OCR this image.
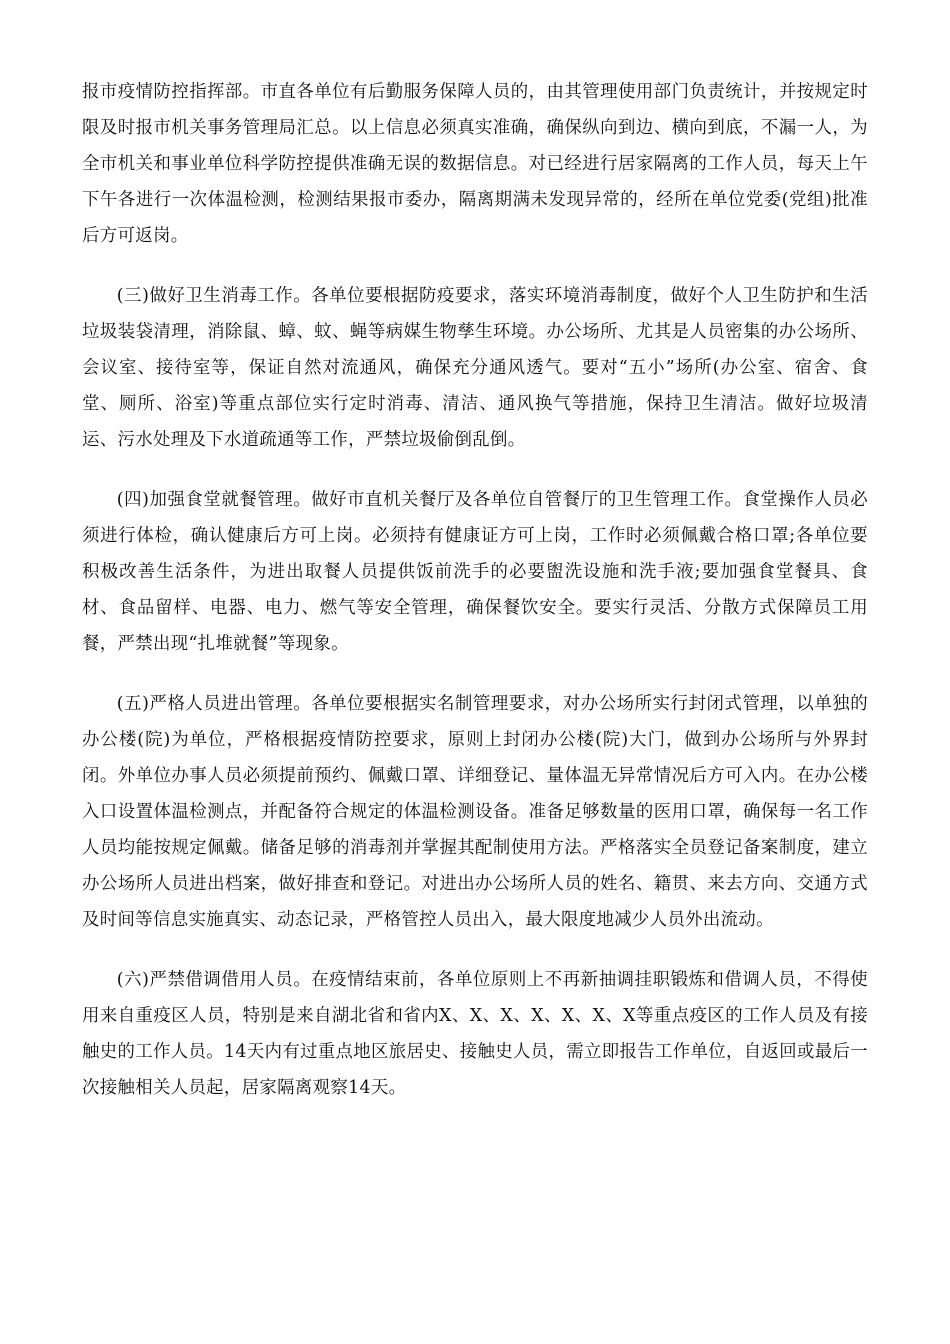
报市疫情防控指挥部。市直各单位有后勤服务保障人员的，由其管理使用部门负责统计，并按规定时限及时报市机关事务管理局汇总。以上信息必须真实准确，确保纵向到边、横向到底，不漏一人，为全市机关和事业单位科学防控提供准确无误的数据信息。对已经进行居家隔离的工作人员，每天上午下午各进行一次体温检测，检测结果报市委办，隔离期满未发现异常的，经所在单位党委(党组)批准后方可返岗。

(三)做好卫生消毒工作。各单位要根据防疫要求，落实环境消毒制度，做好个人卫生防护和生活垃圾装袋清理，消除鼠、蟑、蚊、蝇等病媒生物孳生环境。办公场所、尤其是人员密集的办公场所、会议室、接待室等，保证自然对流通风，确保充分通风透气。要对“五小”场所(办公室、宿舍、食堂、厕所、浴室)等重点部位实行定时消毒、清洁、通风换气等措施，保持卫生清洁。做好垃圾清运、污水处理及下水道疏通等工作，严禁垃圾偷倒乱倒。

(四)加强食堂就餐管理。做好市直机关餐厅及各单位自管餐厅的卫生管理工作。食堂操作人员必须进行体检，确认健康后方可上岗。必须持有健康证方可上岗，工作时必须佩戴合格口罩;各单位要积极改善生活条件，为进出取餐人员提供饭前洗手的必要盥洗设施和洗手液;要加强食堂餐具、食材、食品留样、电器、电力、燃气等安全管理，确保餐饮安全。要实行灵活、分散方式保障员工用餐，严禁出现“扎堆就餐”等现象。

(五)严格人员进出管理。各单位要根据实名制管理要求，对办公场所实行封闭式管理，以单独的办公楼(院)为单位，严格根据疫情防控要求，原则上封闭办公楼(院)大门，做到办公场所与外界封闭。外单位办事人员必须提前预约、佩戴口罩、详细登记、量体温无异常情况后方可入内。在办公楼入口设置体温检测点，并配备符合规定的体温检测设备。准备足够数量的医用口罩，确保每一名工作人员均能按规定佩戴。储备足够的消毒剂并掌握其配制使用方法。严格落实全员登记备案制度，建立办公场所人员进出档案，做好排查和登记。对进出办公场所人员的姓名、籍贯、来去方向、交通方式及时间等信息实施真实、动态记录，严格管控人员出入，最大限度地减少人员外出流动。

(六)严禁借调借用人员。在疫情结束前，各单位原则上不再新抽调挂职锻炼和借调人员，不得使用来自重疫区人员，特别是来自湖北省和省内X、X、X、X、X、X、X等重点疫区的工作人员及有接触史的工作人员。14天内有过重点地区旅居史、接触史人员，需立即报告工作单位，自返回或最后一次接触相关人员起，居家隔离观察14天。
